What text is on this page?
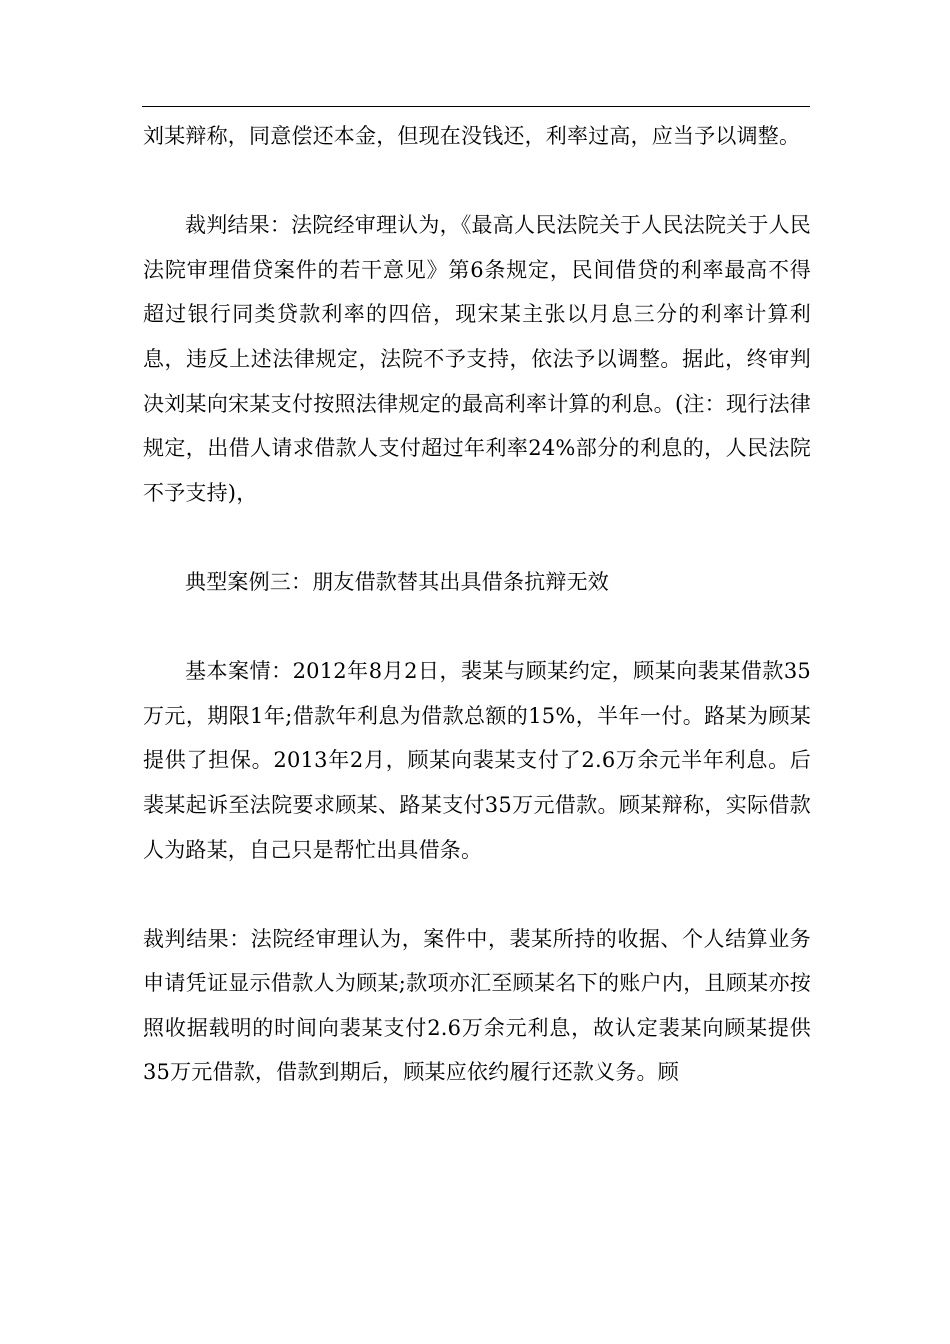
刘某辩称，同意偿还本金，但现在没钱还，利率过高，应当予以调整。

裁判结果：法院经审理认为，《最高人民法院关于人民法院关于人民法院审理借贷案件的若干意见》第6条规定，民间借贷的利率最高不得超过银行同类贷款利率的四倍，现宋某主张以月息三分的利率计算利息，违反上述法律规定，法院不予支持，依法予以调整。据此，终审判决刘某向宋某支付按照法律规定的最高利率计算的利息。(注：现行法律规定，出借人请求借款人支付超过年利率24%部分的利息的，人民法院不予支持)，

典型案例三：朋友借款替其出具借条抗辩无效

基本案情：2012年8月2日，裴某与顾某约定，顾某向裴某借款35万元，期限1年;借款年利息为借款总额的15%，半年一付。路某为顾某提供了担保。2013年2月，顾某向裴某支付了2.6万余元半年利息。后裴某起诉至法院要求顾某、路某支付35万元借款。顾某辩称，实际借款人为路某，自己只是帮忙出具借条。

裁判结果：法院经审理认为，案件中，裴某所持的收据、个人结算业务申请凭证显示借款人为顾某;款项亦汇至顾某名下的账户内，且顾某亦按照收据载明的时间向裴某支付2.6万余元利息，故认定裴某向顾某提供35万元借款，借款到期后，顾某应依约履行还款义务。顾
